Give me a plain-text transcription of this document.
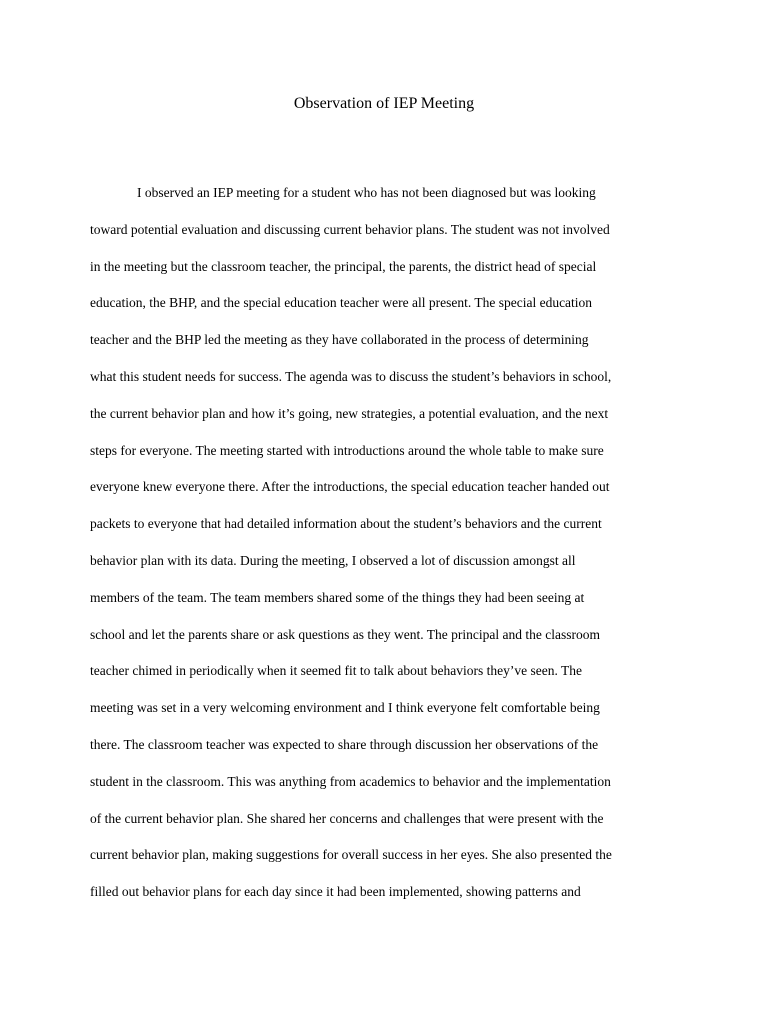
Observation of IEP Meeting
I observed an IEP meeting for a student who has not been diagnosed but was looking
toward potential evaluation and discussing current behavior plans. The student was not involved
in the meeting but the classroom teacher, the principal, the parents, the district head of special
education, the BHP, and the special education teacher were all present. The special education
teacher and the BHP led the meeting as they have collaborated in the process of determining
what this student needs for success. The agenda was to discuss the student’s behaviors in school,
the current behavior plan and how it’s going, new strategies, a potential evaluation, and the next
steps for everyone. The meeting started with introductions around the whole table to make sure
everyone knew everyone there. After the introductions, the special education teacher handed out
packets to everyone that had detailed information about the student’s behaviors and the current
behavior plan with its data. During the meeting, I observed a lot of discussion amongst all
members of the team. The team members shared some of the things they had been seeing at
school and let the parents share or ask questions as they went. The principal and the classroom
teacher chimed in periodically when it seemed fit to talk about behaviors they’ve seen. The
meeting was set in a very welcoming environment and I think everyone felt comfortable being
there. The classroom teacher was expected to share through discussion her observations of the
student in the classroom. This was anything from academics to behavior and the implementation
of the current behavior plan. She shared her concerns and challenges that were present with the
current behavior plan, making suggestions for overall success in her eyes. She also presented the
filled out behavior plans for each day since it had been implemented, showing patterns and
